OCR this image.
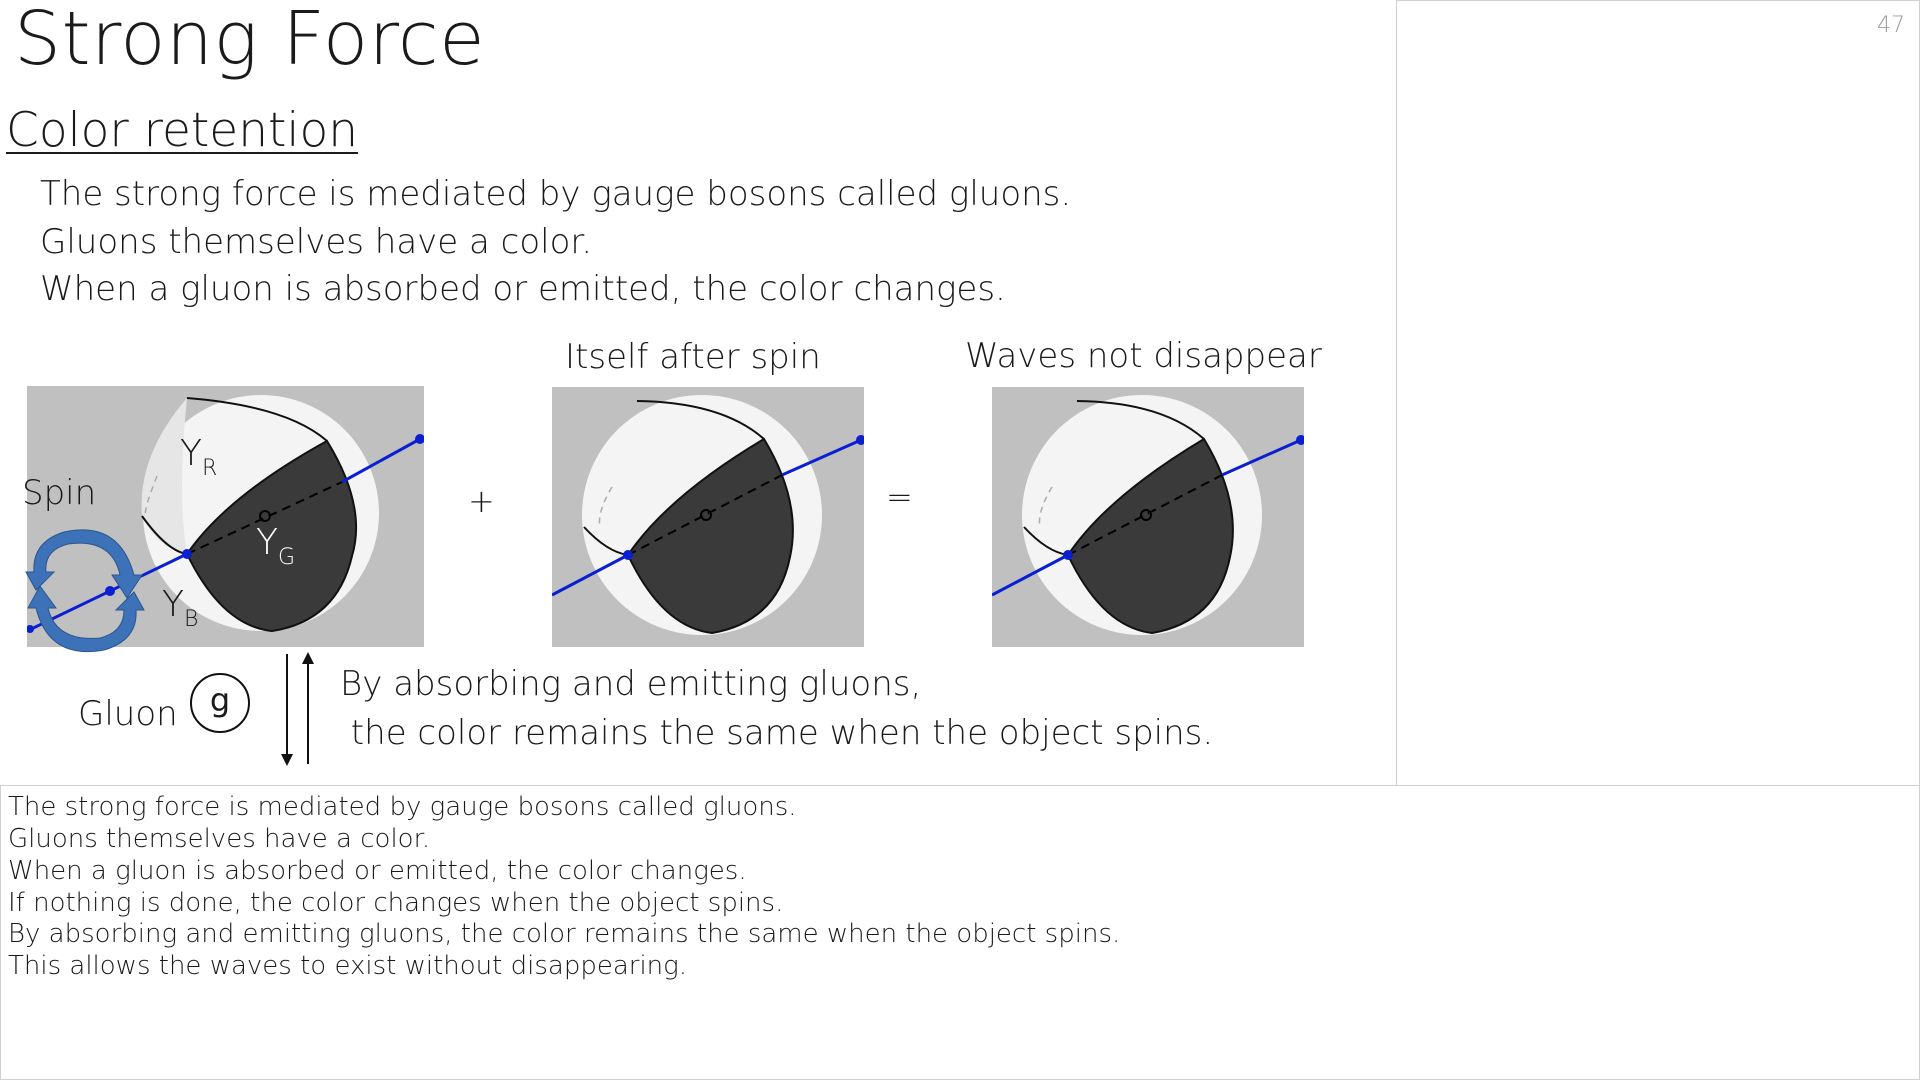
Strong Force
Color retention
The strong force is mediated by gauge bosons called gluons.
Gluons themselves have a color.
When a gluon is absorbed or emitted, the color changes.
Itself after spin	Waves not disappear
Spin
$Y_R$
$Y_G$
$Y_B$
+	=
Gluon	g	By absorbing and emitting gluons,
the color remains the same when the object spins.
47
The strong force is mediated by gauge bosons called gluons.
Gluons themselves have a color.
When a gluon is absorbed or emitted, the color changes.
If nothing is done, the color changes when the object spins.
By absorbing and emitting gluons, the color remains the same when the object spins.
This allows the waves to exist without disappearing.
